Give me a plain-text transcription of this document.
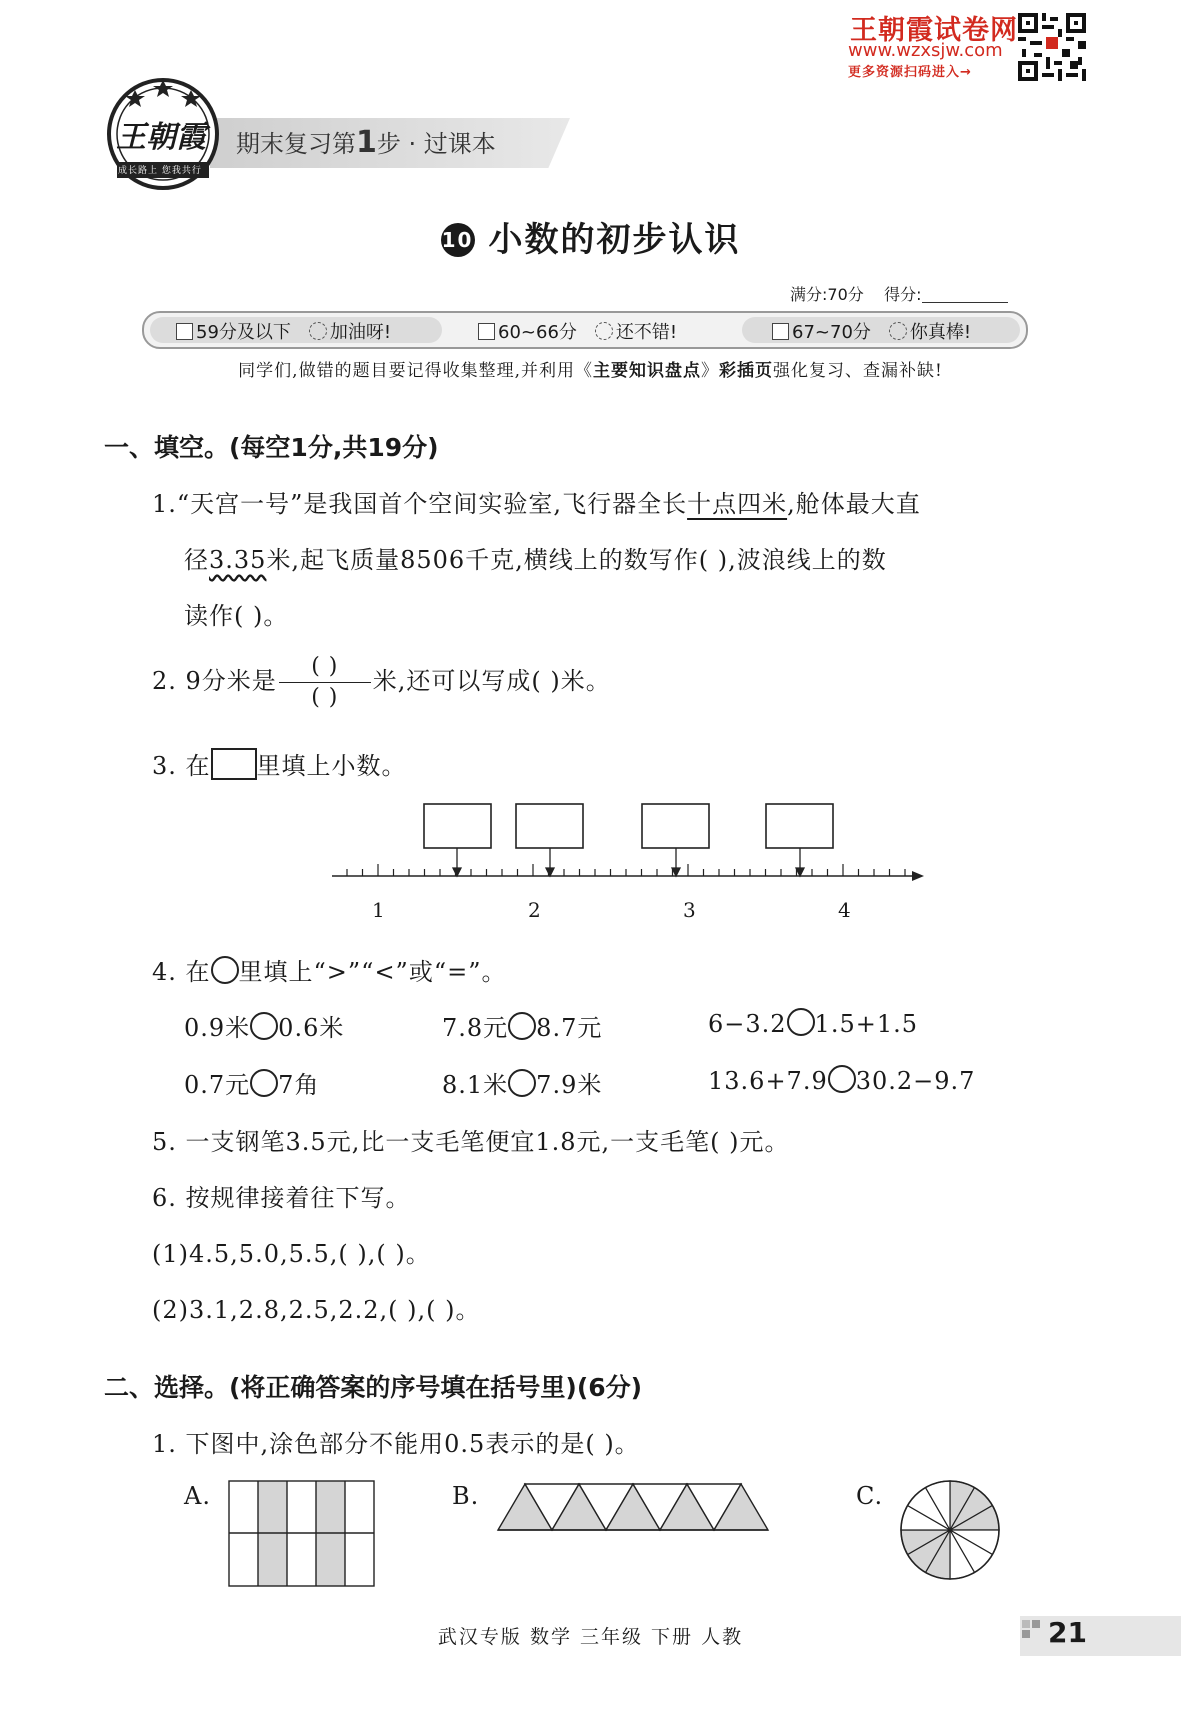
王朝霞试卷网
www.wzxsjw.com
更多资源扫码进入→
期末复习第1步 · 过课本
王朝霞
成长路上 您我共行
10 小数的初步认识
满分:70分 得分:
59分及以下 加油呀!	60~66分 还不错!	67~70分 你真棒!
同学们,做错的题目要记得收集整理,并利用《主要知识盘点》彩插页强化复习、查漏补缺!
一、填空。(每空1分,共19分)
1.“天宫一号”是我国首个空间实验室,飞行器全长十点四米,舱体最大直
径3.35米,起飞质量8506千克,横线上的数写作( ),波浪线上的数
读作( )。
2. 9分米是 $\frac{( )}{( )}$ 米,还可以写成( )米。
3. 在 里填上小数。
1	2	3	4
4. 在 里填上“>”“<”或“=”。
0.9米 0.6米	7.8元 8.7元	6−3.2 1.5+1.5
0.7元 7角	8.1米 7.9米	13.6+7.9 30.2−9.7
5. 一支钢笔3.5元,比一支毛笔便宜1.8元,一支毛笔( )元。
6. 按规律接着往下写。
(1)4.5,5.0,5.5,( ),( )。
(2)3.1,2.8,2.5,2.2,( ),( )。
二、选择。(将正确答案的序号填在括号里)(6分)
1. 下图中,涂色部分不能用0.5表示的是( )。
A.	B.	C.
武汉专版 数学 三年级 下册 人教	21
